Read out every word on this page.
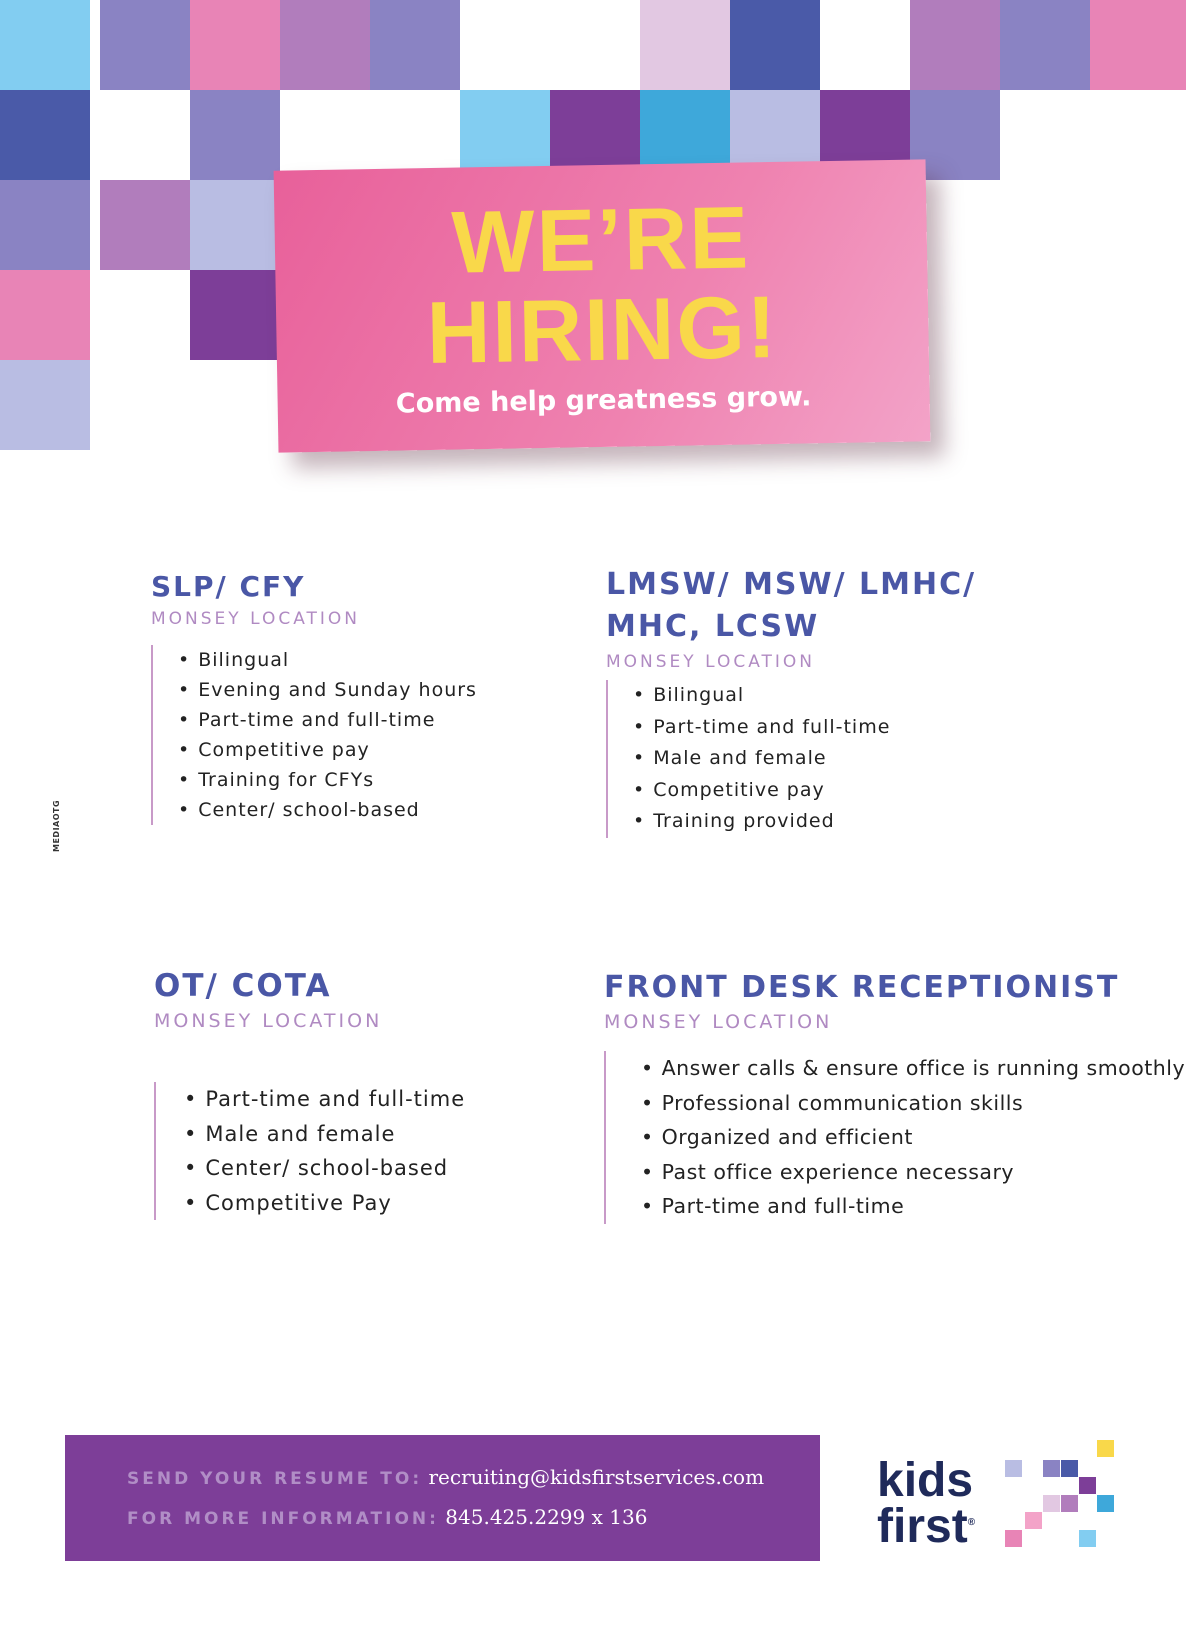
WE’RE
HIRING!
Come help greatness grow.
MEDIAOTG
SLP/ CFY
MONSEY LOCATION
• Bilingual
• Evening and Sunday hours
• Part-time and full-time
• Competitive pay
• Training for CFYs
• Center/ school-based
LMSW/ MSW/ LMHC/
MHC, LCSW
MONSEY LOCATION
• Bilingual
• Part-time and full-time
• Male and female
• Competitive pay
• Training provided
OT/ COTA
MONSEY LOCATION
• Part-time and full-time
• Male and female
• Center/ school-based
• Competitive Pay
FRONT DESK RECEPTIONIST
MONSEY LOCATION
• Answer calls & ensure office is running smoothly
• Professional communication skills
• Organized and efficient
• Past office experience necessary
• Part-time and full-time
SEND YOUR RESUME TO: recruiting@kidsfirstservices.com
FOR MORE INFORMATION: 845.425.2299 x 136
kids
first®
